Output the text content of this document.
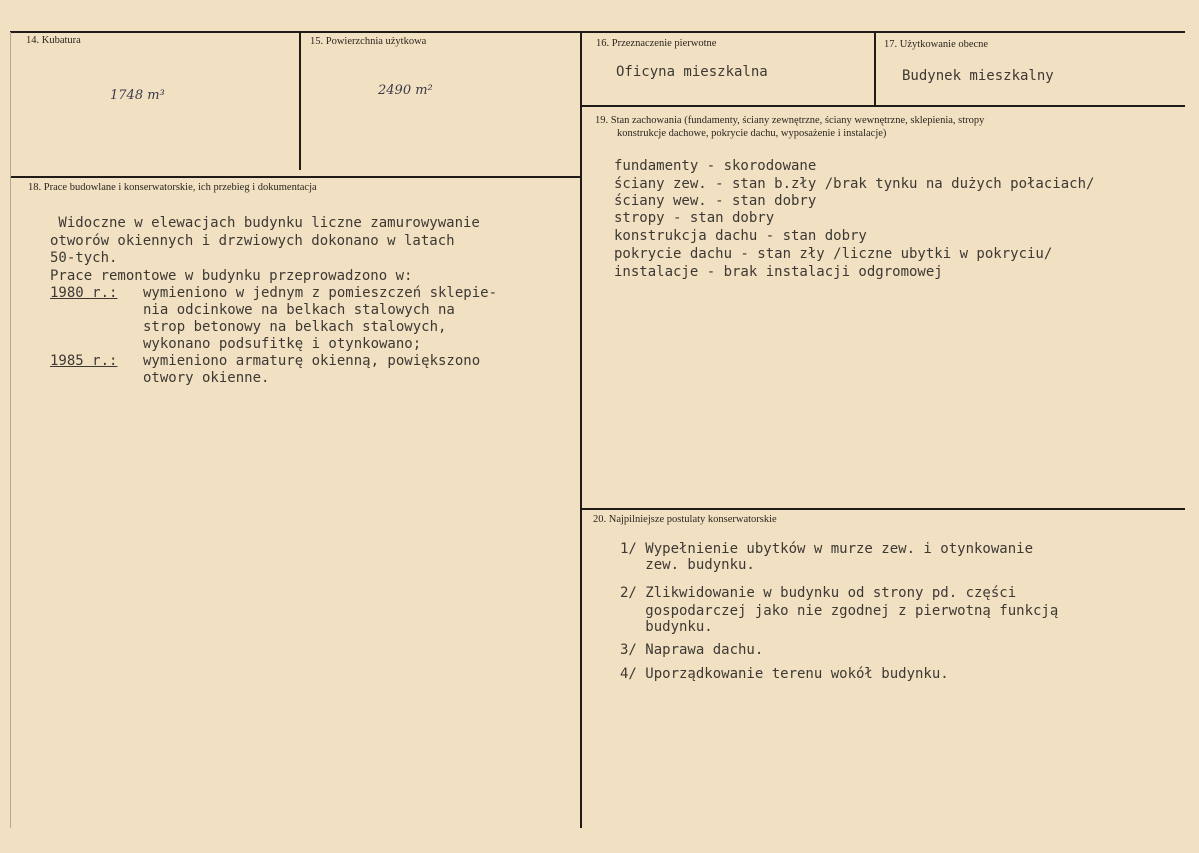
14. Kubatura
1748 m³
15. Powierzchnia użytkowa
2490 m²
16. Przeznaczenie pierwotne
Oficyna mieszkalna
17. Użytkowanie obecne
Budynek mieszkalny
19. Stan zachowania (fundamenty, ściany zewnętrzne, ściany wewnętrzne, sklepienia, stropy
konstrukcje dachowe, pokrycie dachu, wyposażenie i instalacje)
fundamenty - skorodowane
ściany zew. - stan b.zły /brak tynku na dużych połaciach/
ściany wew. - stan dobry
stropy - stan dobry
konstrukcja dachu - stan dobry
pokrycie dachu - stan zły /liczne ubytki w pokryciu/
instalacje - brak instalacji odgromowej
18. Prace budowlane i konserwatorskie, ich przebieg i dokumentacja
Widoczne w elewacjach budynku liczne zamurowywanie
otworów okiennych i drzwiowych dokonano w latach
50-tych.
Prace remontowe w budynku przeprowadzono w:
1980 r.: wymieniono w jednym z pomieszczeń sklepie-
nia odcinkowe na belkach stalowych na
strop betonowy na belkach stalowych,
wykonano podsufitkę i otynkowano;
1985 r.: wymieniono armaturę okienną, powiększono
otwory okienne.
20. Najpilniejsze postulaty konserwatorskie
1/ Wypełnienie ubytków w murze zew. i otynkowanie
zew. budynku.
2/ Zlikwidowanie w budynku od strony pd. części
gospodarczej jako nie zgodnej z pierwotną funkcją
budynku.
3/ Naprawa dachu.
4/ Uporządkowanie terenu wokół budynku.
